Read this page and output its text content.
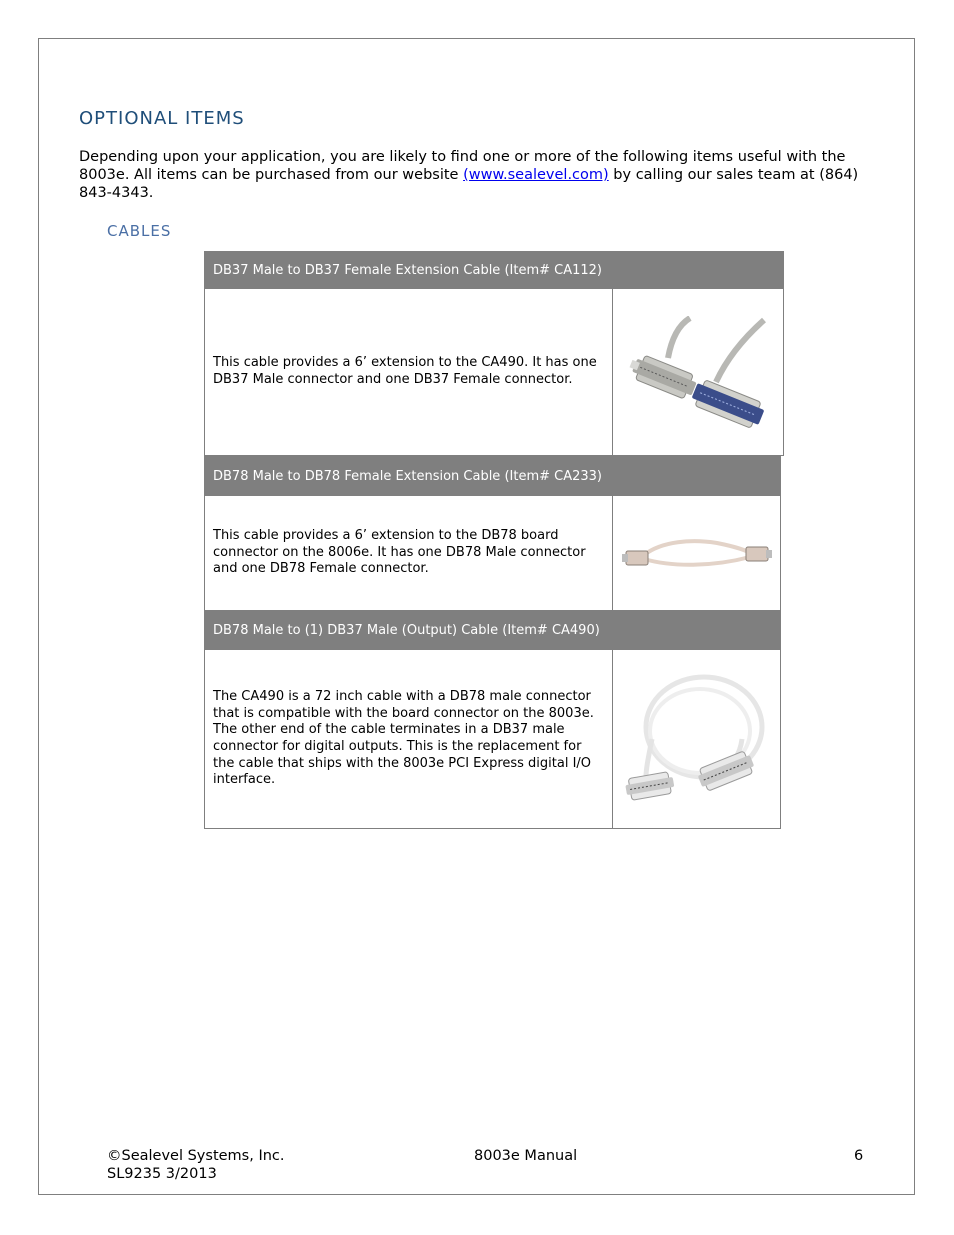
OPTIONAL ITEMS

Depending upon your application, you are likely to find one or more of the following items useful with the 8003e. All items can be purchased from our website (www.sealevel.com) by calling our sales team at (864) 843-4343.

CABLES
DB37 Male to DB37 Female Extension Cable (Item# CA112)
This cable provides a 6’ extension to the CA490. It has one DB37 Male connector and one DB37 Female connector.
DB78 Male to DB78 Female Extension Cable (Item# CA233)
This cable provides a 6’ extension to the DB78 board connector on the 8006e. It has one DB78 Male connector and one DB78 Female connector.
DB78 Male to (1) DB37 Male (Output) Cable (Item# CA490)
The CA490 is a 72 inch cable with a DB78 male connector that is compatible with the board connector on the 8003e. The other end of the cable terminates in a DB37 male connector for digital outputs. This is the replacement for the cable that ships with the 8003e PCI Express digital I/O interface.
©Sealevel Systems, Inc.
SL9235 3/2013
8003e Manual	6
